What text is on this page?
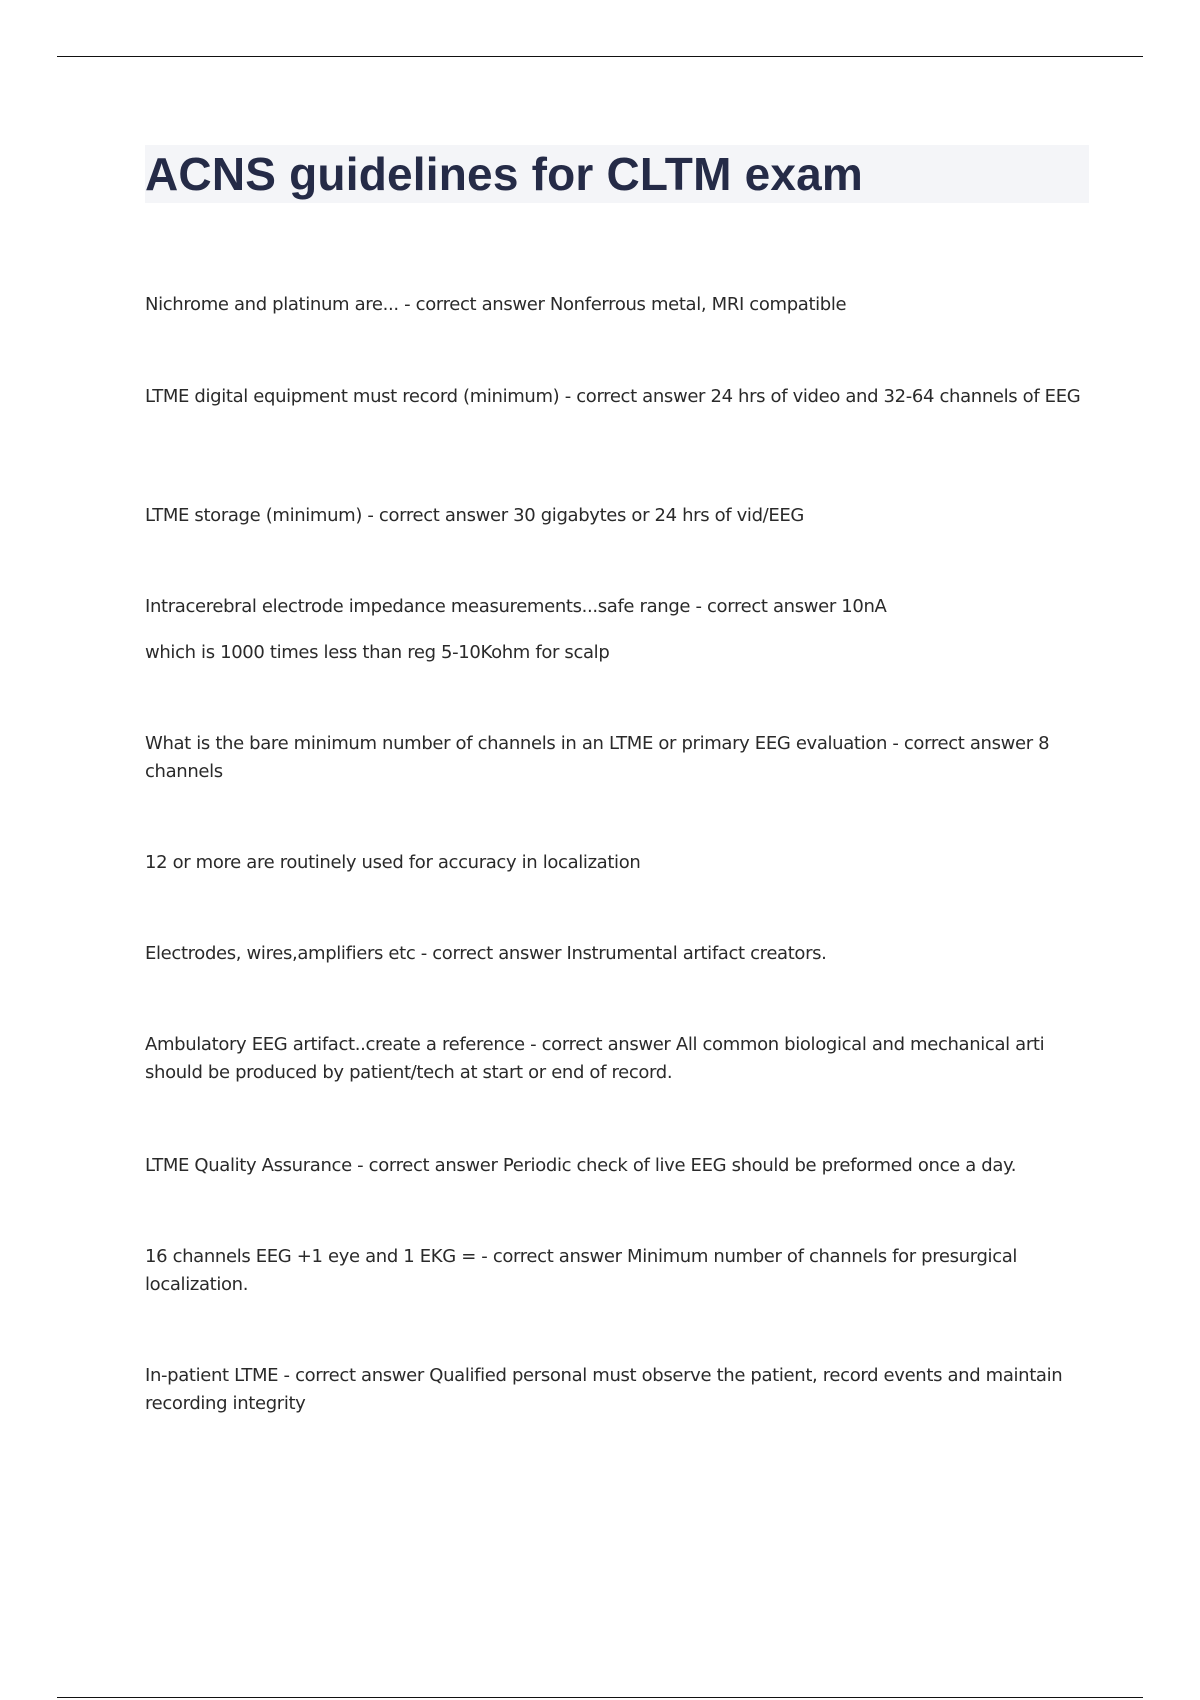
ACNS guidelines for CLTM exam

Nichrome and platinum are... - correct answer Nonferrous metal, MRI compatible

LTME digital equipment must record (minimum) - correct answer 24 hrs of video and 32-64 channels of EEG

LTME storage (minimum) - correct answer 30 gigabytes or 24 hrs of vid/EEG

Intracerebral electrode impedance measurements...safe range - correct answer 10nA

which is 1000 times less than reg 5-10Kohm for scalp

What is the bare minimum number of channels in an LTME or primary EEG evaluation - correct answer 8 channels

12 or more are routinely used for accuracy in localization

Electrodes, wires,amplifiers etc - correct answer Instrumental artifact creators.

Ambulatory EEG artifact..create a reference - correct answer All common biological and mechanical arti should be produced by patient/tech at start or end of record.

LTME Quality Assurance - correct answer Periodic check of live EEG should be preformed once a day.

16 channels EEG +1 eye and 1 EKG = - correct answer Minimum number of channels for presurgical localization.

In-patient LTME - correct answer Qualified personal must observe the patient, record events and maintain recording integrity
